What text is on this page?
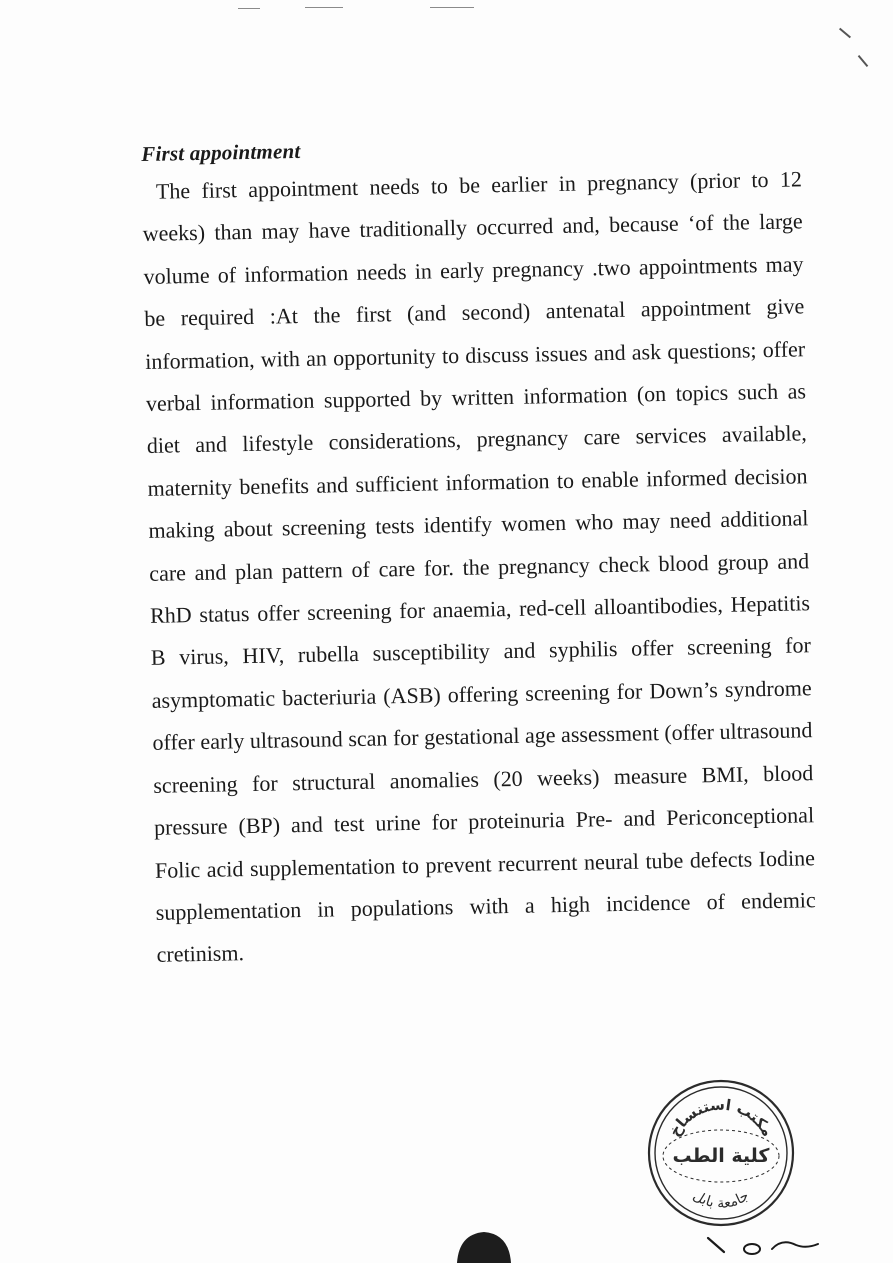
First appointment

The first appointment needs to be earlier in pregnancy (prior to 12 weeks) than may have traditionally occurred and, because ‘of the large volume of information needs in early pregnancy .two appointments may be required :At the first (and second) antenatal appointment give information, with an opportunity to discuss issues and ask questions; offer verbal information supported by written information (on topics such as diet and lifestyle considerations, pregnancy care services available, maternity benefits and sufficient information to enable informed decision making about screening tests identify women who may need additional care and plan pattern of care for. the pregnancy check blood group and RhD status offer screening for anaemia, red-cell alloantibodies, Hepatitis B virus, HIV, rubella susceptibility and syphilis offer screening for asymptomatic bacteriuria (ASB) offering screening for Down’s syndrome offer early ultrasound scan for gestational age assessment (offer ultrasound screening for structural anomalies (20 weeks) measure BMI, blood pressure (BP) and test urine for proteinuria Pre- and Periconceptional Folic acid supplementation to prevent recurrent neural tube defects Iodine supplementation in populations with a high incidence of endemic cretinism.

مكتب استنساخ
كلية الطب
جامعة بابل
